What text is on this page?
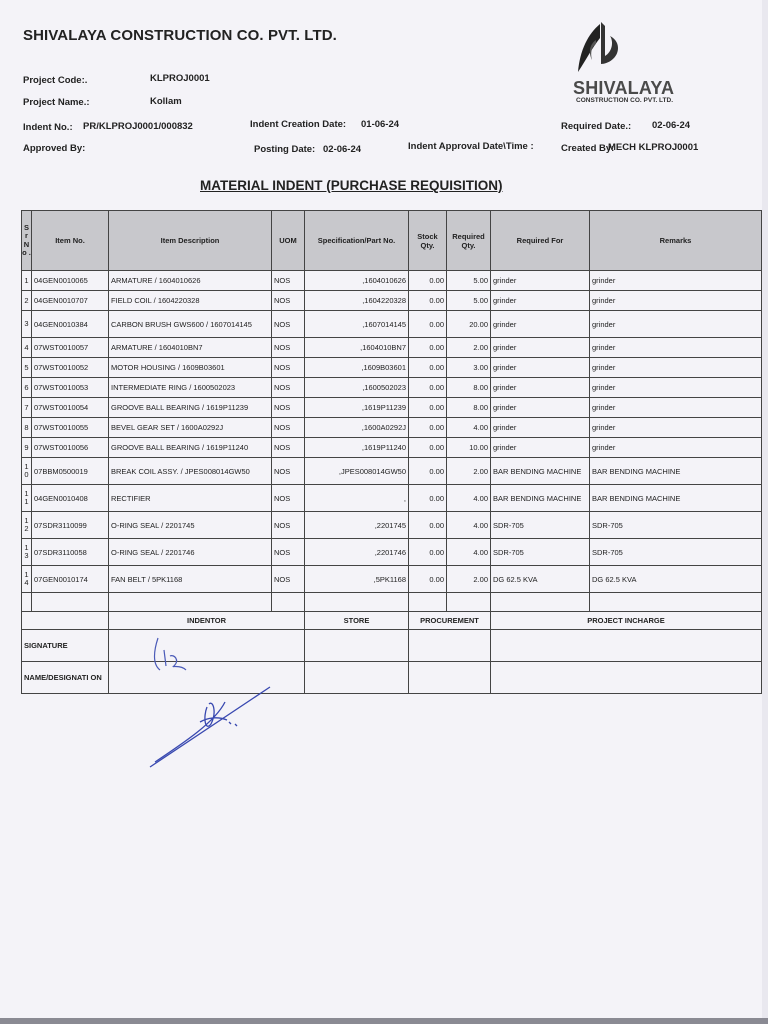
SHIVALAYA CONSTRUCTION CO. PVT. LTD.
SHIVALAYA
CONSTRUCTION CO. PVT. LTD.
Project Code:.	KLPROJ0001
Project Name.:	Kollam
Indent No.: PR/KLPROJ0001/000832	Indent Creation Date: 01-06-24	Required Date.: 02-06-24
Approved By:	Posting Date: 02-06-24	Indent Approval Date\Time :	Created By:
MECH KLPROJ0001
MATERIAL INDENT (PURCHASE REQUISITION)
S r N o .	Item No.	Item Description	UOM	Specification/Part No.	Stock Qty.	Required Qty.	Required For	Remarks
1	04GEN0010065	ARMATURE / 1604010626	NOS	,1604010626	0.00	5.00	grinder	grinder
2	04GEN0010707	FIELD COIL / 1604220328	NOS	,1604220328	0.00	5.00	grinder	grinder
3	04GEN0010384	CARBON BRUSH GWS600 / 1607014145	NOS	,1607014145	0.00	20.00	grinder	grinder
4	07WST0010057	ARMATURE / 1604010BN7	NOS	,1604010BN7	0.00	2.00	grinder	grinder
5	07WST0010052	MOTOR HOUSING / 1609B03601	NOS	,1609B03601	0.00	3.00	grinder	grinder
6	07WST0010053	INTERMEDIATE RING / 1600502023	NOS	,1600502023	0.00	8.00	grinder	grinder
7	07WST0010054	GROOVE BALL BEARING / 1619P11239	NOS	,1619P11239	0.00	8.00	grinder	grinder
8	07WST0010055	BEVEL GEAR SET / 1600A0292J	NOS	,1600A0292J	0.00	4.00	grinder	grinder
9	07WST0010056	GROOVE BALL BEARING / 1619P11240	NOS	,1619P11240	0.00	10.00	grinder	grinder
1 0	07BBM0500019	BREAK COIL ASSY. / JPES008014GW50	NOS	,JPES008014GW50	0.00	2.00	BAR BENDING MACHINE	BAR BENDING MACHINE
1 1	04GEN0010408	RECTIFIER	NOS	,	0.00	4.00	BAR BENDING MACHINE	BAR BENDING MACHINE
1 2	07SDR3110099	O-RING SEAL / 2201745	NOS	,2201745	0.00	4.00	SDR-705	SDR-705
1 3	07SDR3110058	O-RING SEAL / 2201746	NOS	,2201746	0.00	4.00	SDR-705	SDR-705
1 4	07GEN0010174	FAN BELT / 5PK1168	NOS	,5PK1168	0.00	2.00	DG 62.5 KVA	DG 62.5 KVA

		INDENTOR		STORE	PROCUREMENT		PROJECT INCHARGE	
SIGNATURE								
NAME/DESIGNATI ON								
